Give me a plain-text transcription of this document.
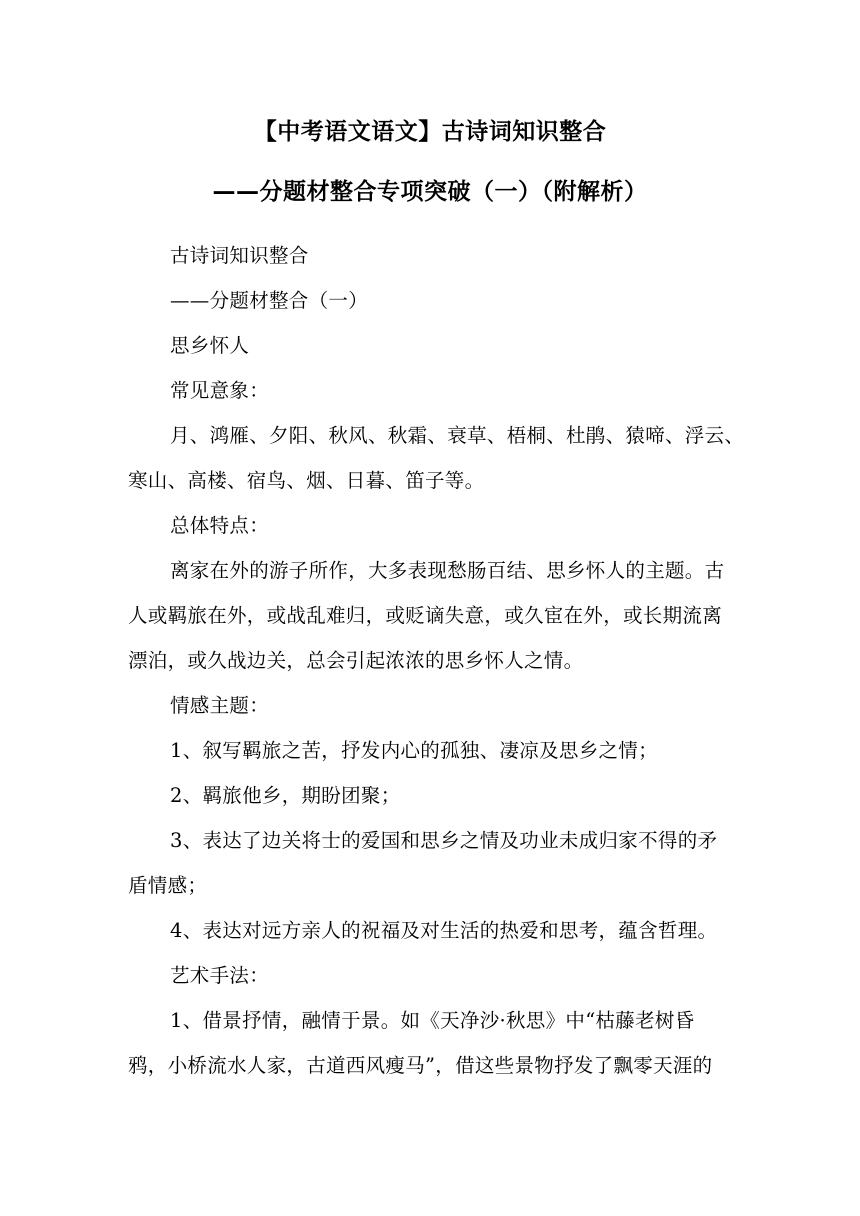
【中考语文语文】古诗词知识整合
——分题材整合专项突破（一）（附解析）

古诗词知识整合

——分题材整合（一）

思乡怀人

常见意象：

月、鸿雁、夕阳、秋风、秋霜、衰草、梧桐、杜鹃、猿啼、浮云、
寒山、高楼、宿鸟、烟、日暮、笛子等。

总体特点：

离家在外的游子所作，大多表现愁肠百结、思乡怀人的主题。古
人或羁旅在外，或战乱难归，或贬谪失意，或久宦在外，或长期流离
漂泊，或久战边关，总会引起浓浓的思乡怀人之情。

情感主题：

1、叙写羁旅之苦，抒发内心的孤独、凄凉及思乡之情；

2、羁旅他乡，期盼团聚；

3、表达了边关将士的爱国和思乡之情及功业未成归家不得的矛
盾情感；

4、表达对远方亲人的祝福及对生活的热爱和思考，蕴含哲理。

艺术手法：

1、借景抒情，融情于景。如《天净沙·秋思》中“枯藤老树昏
鸦，小桥流水人家，古道西风瘦马”，借这些景物抒发了飘零天涯的
